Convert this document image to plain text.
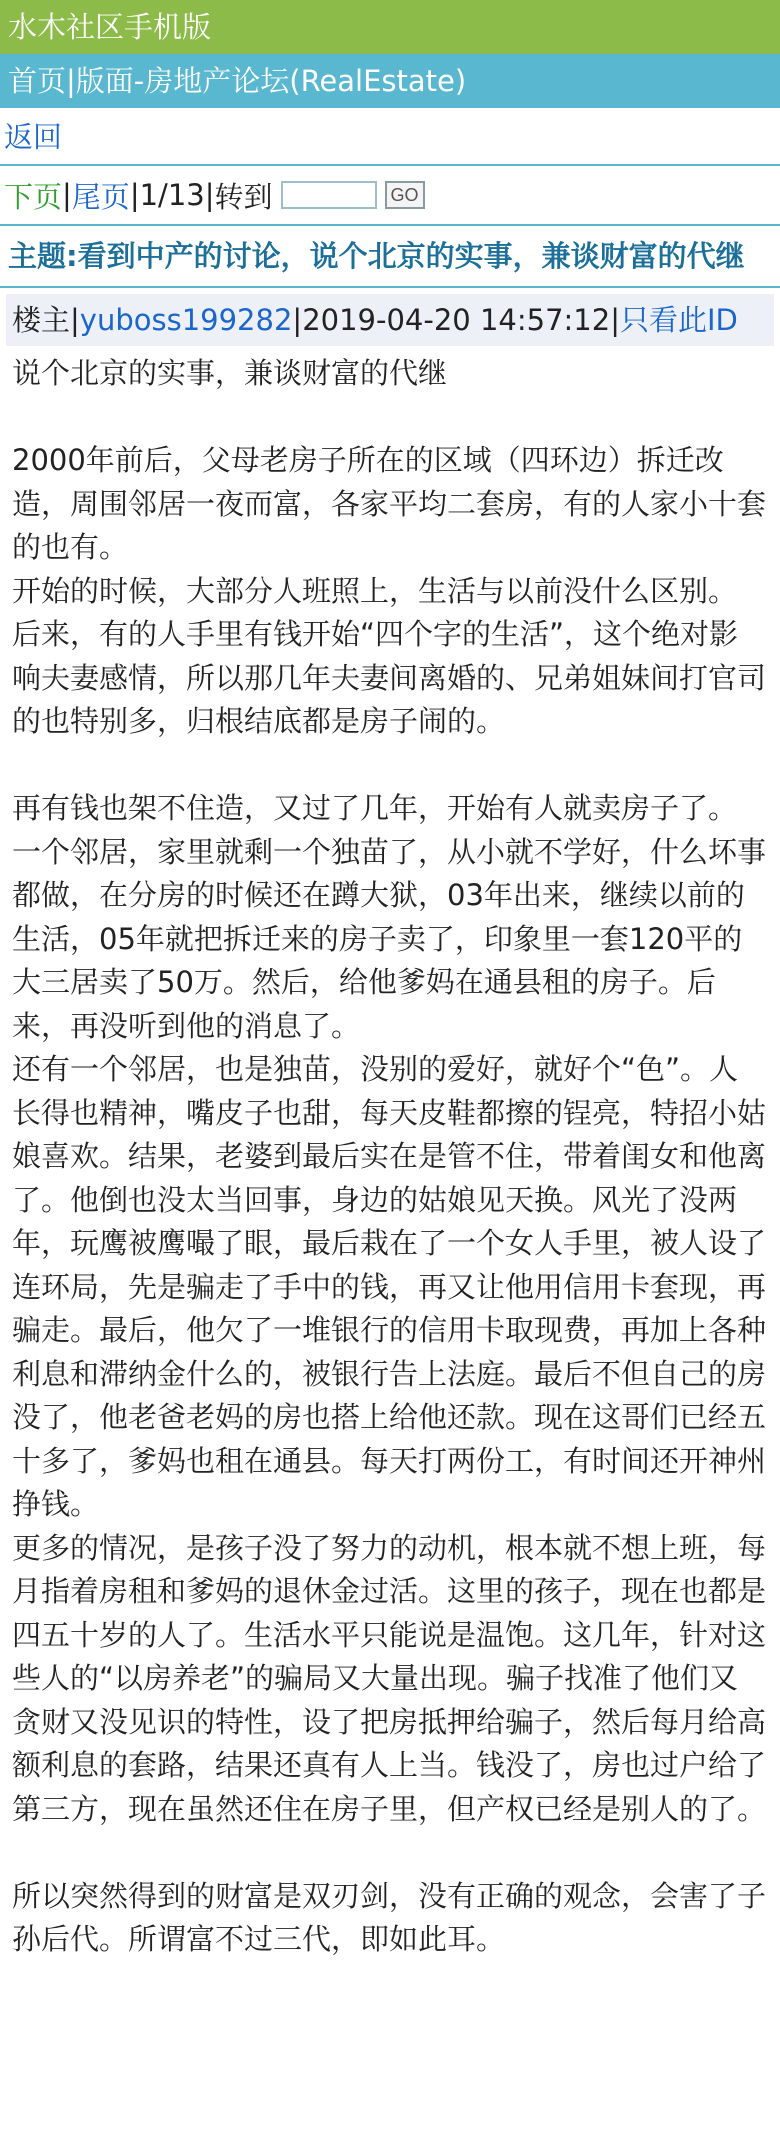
水木社区手机版
首页|版面-房地产论坛(RealEstate)
返回
下页 | 尾页 | 1/13 | 转到	GO
主题:看到中产的讨论，说个北京的实事，兼谈财富的代继
楼主|yuboss199282|2019-04-20 14:57:12|只看此ID

说个北京的实事，兼谈财富的代继

2000年前后，父母老房子所在的区域（四环边）拆迁改造，周围邻居一夜而富，各家平均二套房，有的人家小十套的也有。

开始的时候，大部分人班照上，生活与以前没什么区别。

后来，有的人手里有钱开始“四个字的生活”，这个绝对影响夫妻感情，所以那几年夫妻间离婚的、兄弟姐妹间打官司的也特别多，归根结底都是房子闹的。

再有钱也架不住造，又过了几年，开始有人就卖房子了。

一个邻居，家里就剩一个独苗了，从小就不学好，什么坏事都做，在分房的时候还在蹲大狱，03年出来，继续以前的生活，05年就把拆迁来的房子卖了，印象里一套120平的大三居卖了50万。然后，给他爹妈在通县租的房子。后来，再没听到他的消息了。

还有一个邻居，也是独苗，没别的爱好，就好个“色”。人长得也精神，嘴皮子也甜，每天皮鞋都擦的锃亮，特招小姑娘喜欢。结果，老婆到最后实在是管不住，带着闺女和他离了。他倒也没太当回事，身边的姑娘见天换。风光了没两年，玩鹰被鹰嘬了眼，最后栽在了一个女人手里，被人设了连环局，先是骗走了手中的钱，再又让他用信用卡套现，再骗走。最后，他欠了一堆银行的信用卡取现费，再加上各种利息和滞纳金什么的，被银行告上法庭。最后不但自己的房没了，他老爸老妈的房也搭上给他还款。现在这哥们已经五十多了，爹妈也租在通县。每天打两份工，有时间还开神州挣钱。

更多的情况，是孩子没了努力的动机，根本就不想上班，每月指着房租和爹妈的退休金过活。这里的孩子，现在也都是四五十岁的人了。生活水平只能说是温饱。这几年，针对这些人的“以房养老”的骗局又大量出现。骗子找准了他们又贪财又没见识的特性，设了把房抵押给骗子，然后每月给高额利息的套路，结果还真有人上当。钱没了，房也过户给了第三方，现在虽然还住在房子里，但产权已经是别人的了。

所以突然得到的财富是双刃剑，没有正确的观念，会害了子孙后代。所谓富不过三代，即如此耳。
